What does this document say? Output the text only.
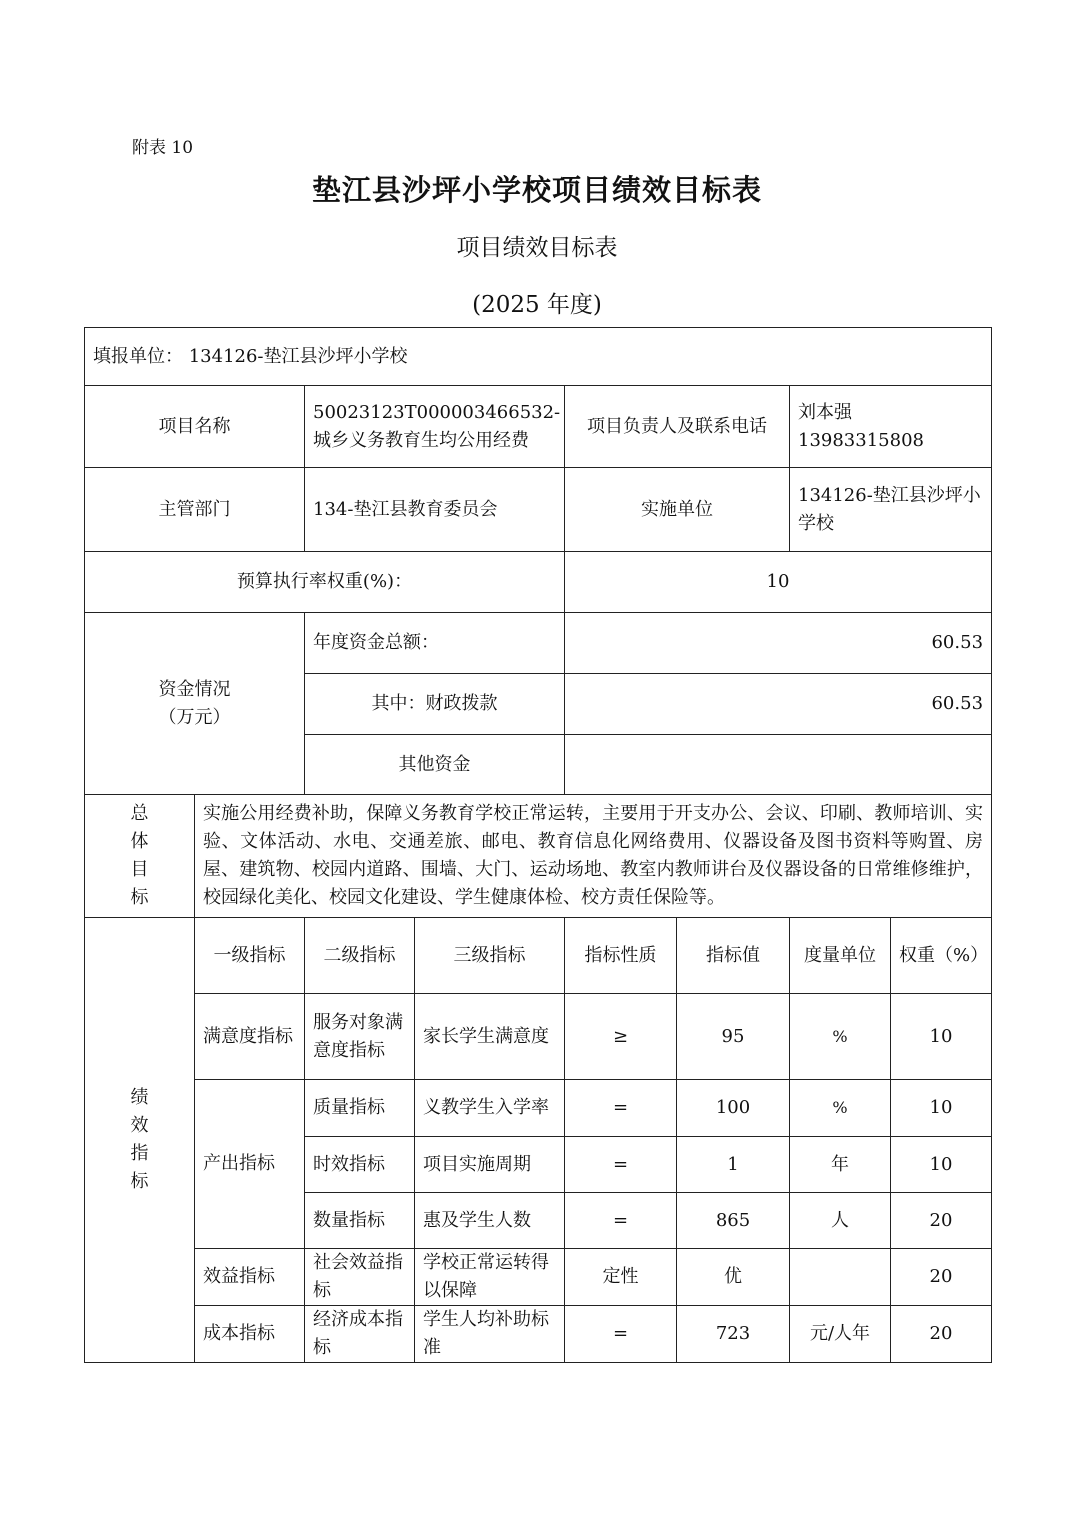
附表 10
垫江县沙坪小学校项目绩效目标表
项目绩效目标表
(2025 年度)
填报单位： 134126-垫江县沙坪小学校							
项目名称		50023123T000003466532-城乡义务教育生均公用经费		项目负责人及联系电话		刘本强 13983315808	
主管部门		134-垫江县教育委员会		实施单位		134126-垫江县沙坪小学校	
预算执行率权重(%)：				10			

资金情况
（万元）		年度资金总额：		60.53			
		其中：财政拨款		60.53			
		其他资金					

总
体
目
标	实施公用经费补助，保障义务教育学校正常运转，主要用于开支办公、会议、印刷、教师培训、实验、文体活动、水电、交通差旅、邮电、教育信息化网络费用、仪器设备及图书资料等购置、房屋、建筑物、校园内道路、围墙、大门、运动场地、教室内教师讲台及仪器设备的日常维修维护，校园绿化美化、校园文化建设、学生健康体检、校方责任保险等。						

绩
效
指
标	一级指标	二级指标	三级指标	指标性质	指标值	度量单位	权重（%）
	满意度指标	服务对象满意度指标	家长学生满意度	≥	95	%	10
	产出指标	质量指标	义教学生入学率	=	100	%	10
		时效指标	项目实施周期	=	1	年	10
		数量指标	惠及学生人数	=	865	人	20
	效益指标	社会效益指标	学校正常运转得以保障	定性	优		20
	成本指标	经济成本指标	学生人均补助标准	=	723	元/人年	20
